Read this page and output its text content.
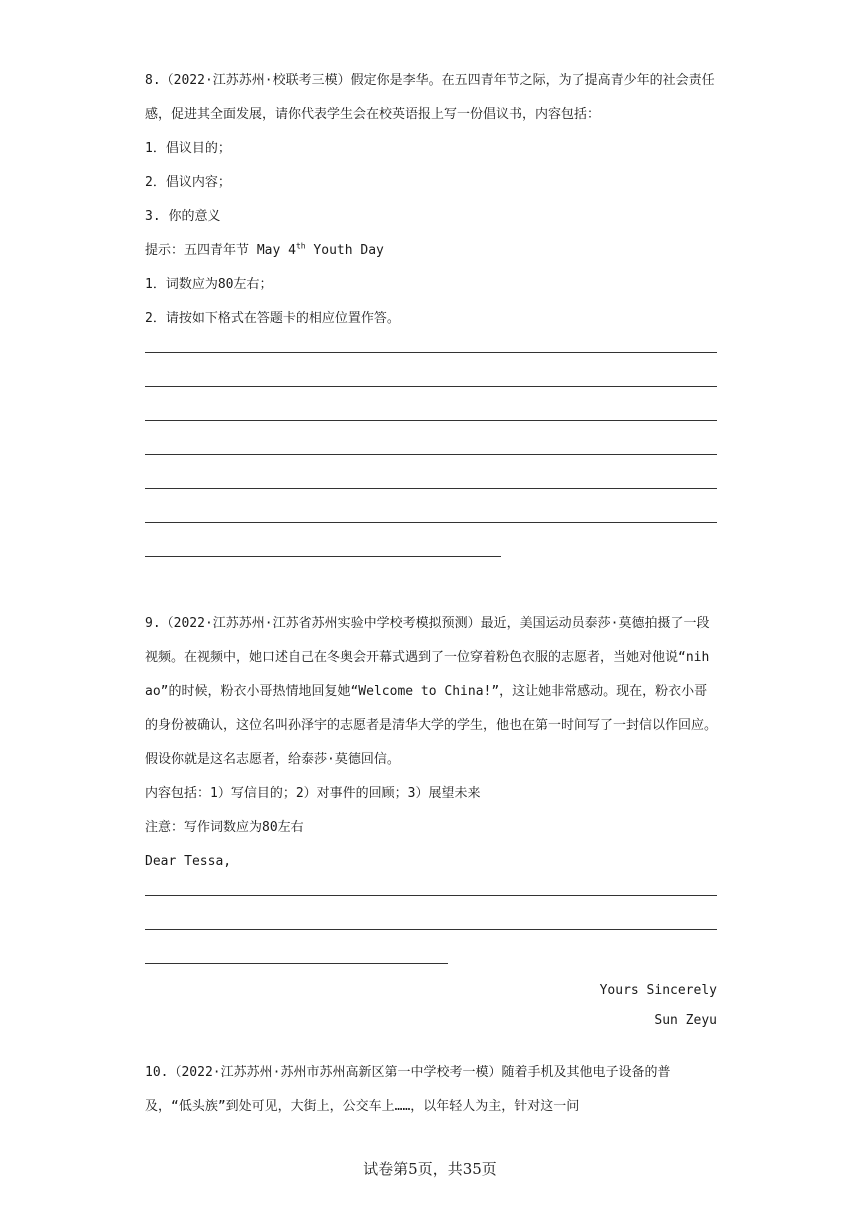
8.（2022·江苏苏州·校联考三模）假定你是李华。在五四青年节之际，为了提高青少年的社会责任感，促进其全面发展，请你代表学生会在校英语报上写一份倡议书，内容包括：

1．倡议目的；

2．倡议内容；

3. 你的意义

提示：五四青年节 May 4th Youth Day

1．词数应为80左右；

2．请按如下格式在答题卡的相应位置作答。

9.（2022·江苏苏州·江苏省苏州实验中学校考模拟预测）最近，美国运动员泰莎·莫德拍摄了一段视频。在视频中，她口述自己在冬奥会开幕式遇到了一位穿着粉色衣服的志愿者，当她对他说“nihao”的时候，粉衣小哥热情地回复她“Welcome to China!”，这让她非常感动。现在，粉衣小哥的身份被确认，这位名叫孙泽宇的志愿者是清华大学的学生，他也在第一时间写了一封信以作回应。假设你就是这名志愿者，给泰莎·莫德回信。

内容包括：1）写信目的；2）对事件的回顾；3）展望未来

注意：写作词数应为80左右

Dear Tessa,

Yours Sincerely

Sun Zeyu

10.（2022·江苏苏州·苏州市苏州高新区第一中学校考一模）随着手机及其他电子设备的普及，“低头族”到处可见，大街上，公交车上……，以年轻人为主，针对这一问

试卷第5页，共35页
